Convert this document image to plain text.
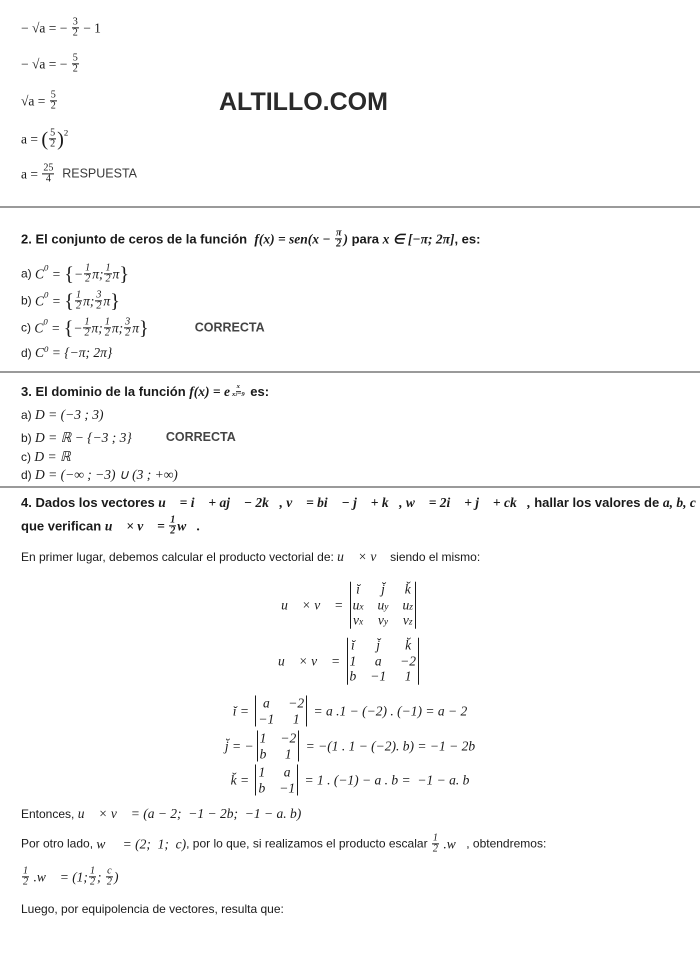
ALTILLO.COM
− √a = − $\frac{3}{2} - 1$
− √a = − $\frac{5}{2}$
$√a = \frac{5}{2}$
a = ( $\frac{5}{2}$ ) 2
$a = \frac{25}{4}$
RESPUESTA
2. El conjunto de ceros de la función $f(x) = sen(x - \frac{\pi}{2}$ ) para x ∈ [−π; 2π] , es:
a) C 0 = { − $\frac{1}{2} \pi$; $\frac{1}{2}$ π }
b) C 0 = { $\frac{1}{2} \pi$; $\frac{3}{2}$ π }
c) C 0 = { − $\frac{1}{2} \pi$; $\frac{1}{2} \pi$; $\frac{3}{2}$ π }	CORRECTA
d) C 0 = {−π; 2π}
3. El dominio de la función f(x) = e $\frac{x}{x 2 -9}$ es:
a) D = (−3 ; 3)
b) D = ℝ − {−3 ; 3}	CORRECTA
c) D = ℝ
d) D = (−∞ ; −3) ∪ (3 ; +∞)
4. Dados los vectores u⃗ = i⃗ + a j⃗ − 2 k⃗ , v⃗ = b i⃗ − j⃗ + k⃗ , w⃗ = 2 i⃗ + j⃗ + c k⃗ , hallar los valores de a, b, c
que verifican u⃗ × v⃗ = $\frac{1}{2}$ w⃗ .
En primer lugar, debemos calcular el producto vectorial de: u⃗ × v⃗ siendo el mismo:
u⃗ × v⃗ =
ĭ j̆ k̆
ux uy uz
vx vy vz
u⃗ × v⃗ =
ĭ	j̆	k̆
1	a	−2
b −1	1
ĭ =
a	−2
−1	1
= a .1 − (−2) . (−1) = a − 2
j̆ = −
1 −2
b	1
= −(1 . 1 − (−2). b) = −1 − 2b
k̆ =
1	a
b −1
= 1 . (−1) − a . b =  −1 − a. b
Entonces, u⃗ × v⃗ = (a − 2;  −1 − 2b;  −1 − a. b)
Por otro lado, w⃗ = (2;  1;  c) , por lo que, si realizamos el producto escalar $\frac{1}{2}$ . w⃗ , obtendremos:
$\frac{1}{2}$ . w⃗ = (1; $\frac{1}{2}$ ; $\frac{c}{2}$ )
Luego, por equipolencia de vectores, resulta que:
